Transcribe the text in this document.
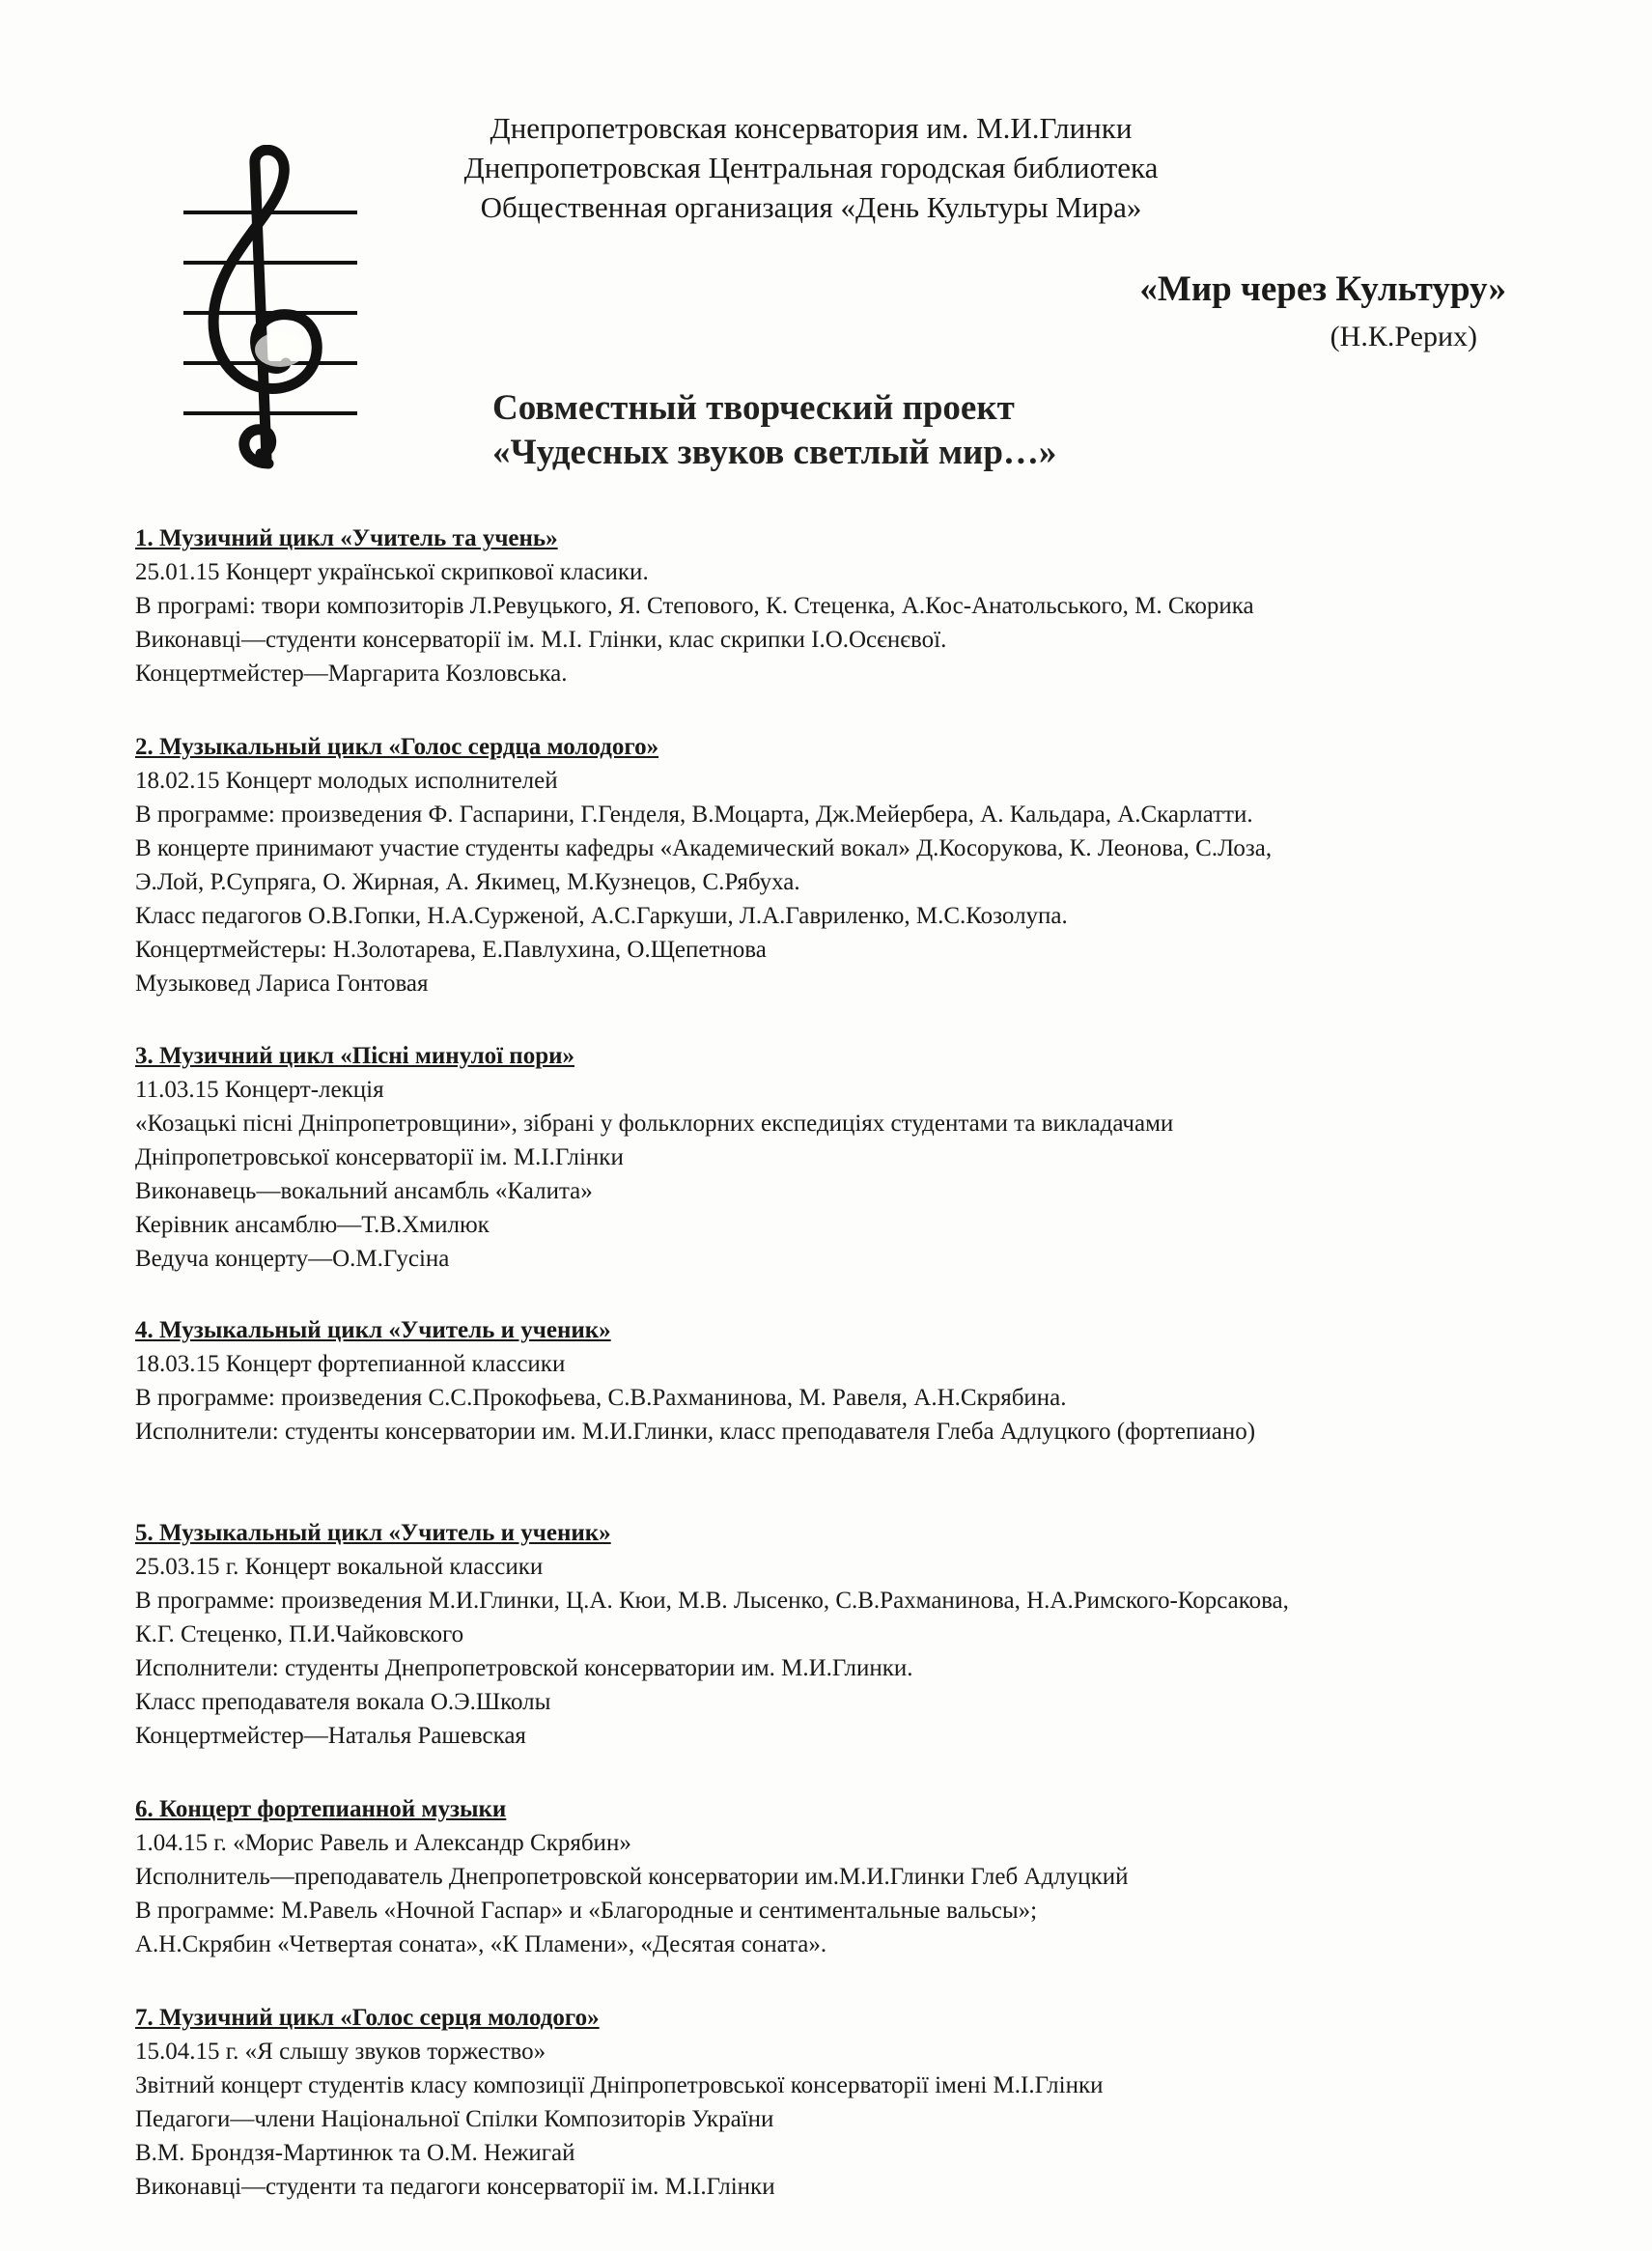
Днепропетровская консерватория им. М.И.Глинки
Днепропетровская Центральная городская библиотека
Общественная организация «День Культуры Мира»
«Мир через Культуру»
(Н.К.Рерих)
Совместный творческий проект
«Чудесных звуков светлый мир…»
1. Музичний цикл «Учитель та учень»
25.01.15 Концерт української скрипкової класики.
В програмі: твори композиторів Л.Ревуцького, Я. Степового, К. Стеценка, А.Кос-Анатольського, М. Скорика
Виконавці—студенти консерваторії ім. М.І. Глінки, клас скрипки І.О.Осєнєвої.
Концертмейстер—Маргарита Козловська.
2. Музыкальный цикл «Голос сердца молодого»
18.02.15 Концерт молодых исполнителей
В программе: произведения Ф. Гаспарини, Г.Генделя, В.Моцарта, Дж.Мейербера, А. Кальдара, А.Скарлатти.
В концерте принимают участие студенты кафедры «Академический вокал» Д.Косорукова, К. Леонова, С.Лоза,
Э.Лой, Р.Супряга, О. Жирная, А. Якимец, М.Кузнецов, С.Рябуха.
Класс педагогов О.В.Гопки, Н.А.Сурженой, А.С.Гаркуши, Л.А.Гавриленко, М.С.Козолупа.
Концертмейстеры: Н.Золотарева, Е.Павлухина, О.Щепетнова
Музыковед Лариса Гонтовая
3. Музичний цикл «Пісні минулої пори»
11.03.15 Концерт-лекція
«Козацькі пісні Дніпропетровщини», зібрані у фольклорних експедиціях студентами та викладачами
Дніпропетровської консерваторії ім. М.І.Глінки
Виконавець—вокальний ансамбль «Калита»
Керівник ансамблю—Т.В.Хмилюк
Ведуча концерту—О.М.Гусіна
4. Музыкальный цикл «Учитель и ученик»
18.03.15 Концерт фортепианной классики
В программе: произведения С.С.Прокофьева, С.В.Рахманинова, М. Равеля, А.Н.Скрябина.
Исполнители: студенты консерватории им. М.И.Глинки, класс преподавателя Глеба Адлуцкого (фортепиано)
5. Музыкальный цикл «Учитель и ученик»
25.03.15 г. Концерт вокальной классики
В программе: произведения М.И.Глинки, Ц.А. Кюи, М.В. Лысенко, С.В.Рахманинова, Н.А.Римского-Корсакова,
К.Г. Стеценко, П.И.Чайковского
Исполнители: студенты Днепропетровской консерватории им. М.И.Глинки.
Класс преподавателя вокала О.Э.Школы
Концертмейстер—Наталья Рашевская
6. Концерт фортепианной музыки
1.04.15 г. «Морис Равель и Александр Скрябин»
Исполнитель—преподаватель Днепропетровской консерватории им.М.И.Глинки Глеб Адлуцкий
В программе: М.Равель «Ночной Гаспар» и «Благородные и сентиментальные вальсы»;
А.Н.Скрябин «Четвертая соната», «К Пламени», «Десятая соната».
7. Музичний цикл «Голос серця молодого»
15.04.15 г. «Я слышу звуков торжество»
Звітний концерт студентів класу композиції Дніпропетровської консерваторії імені М.І.Глінки
Педагоги—члени Національної Спілки Композиторів України
В.М. Брондзя-Мартинюк та О.М. Нежигай
Виконавці—студенти та педагоги консерваторії ім. М.І.Глінки
